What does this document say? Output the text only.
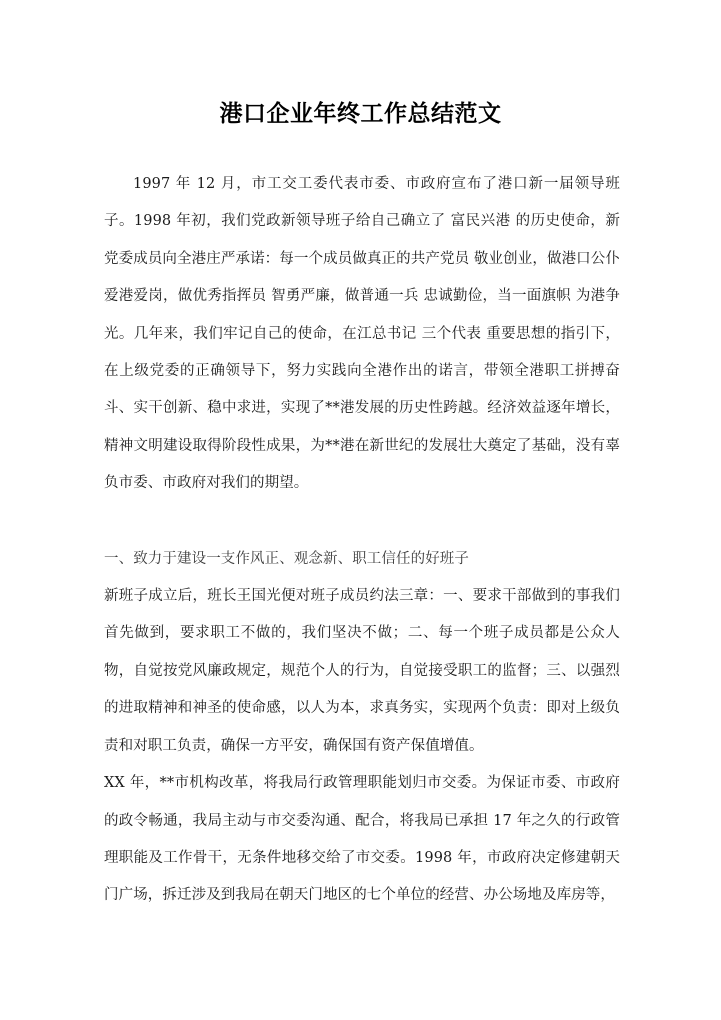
港口企业年终工作总结范文

1997 年 12 月，市工交工委代表市委、市政府宣布了港口新一届领导班子。1998 年初，我们党政新领导班子给自己确立了 富民兴港 的历史使命，新党委成员向全港庄严承诺：每一个成员做真正的共产党员 敬业创业，做港口公仆 爱港爱岗，做优秀指挥员 智勇严廉，做普通一兵 忠诚勤俭，当一面旗帜 为港争光。几年来，我们牢记自己的使命，在江总书记 三个代表 重要思想的指引下，在上级党委的正确领导下，努力实践向全港作出的诺言，带领全港职工拼搏奋斗、实干创新、稳中求进，实现了**港发展的历史性跨越。经济效益逐年增长，精神文明建设取得阶段性成果，为**港在新世纪的发展壮大奠定了基础，没有辜负市委、市政府对我们的期望。

一、致力于建设一支作风正、观念新、职工信任的好班子

新班子成立后，班长王国光便对班子成员约法三章：一、要求干部做到的事我们首先做到，要求职工不做的，我们坚决不做；二、每一个班子成员都是公众人物，自觉按党风廉政规定，规范个人的行为，自觉接受职工的监督；三、以强烈的进取精神和神圣的使命感，以人为本，求真务实，实现两个负责：即对上级负责和对职工负责，确保一方平安，确保国有资产保值增值。

XX 年，**市机构改革，将我局行政管理职能划归市交委。为保证市委、市政府的政令畅通，我局主动与市交委沟通、配合，将我局已承担 17 年之久的行政管理职能及工作骨干，无条件地移交给了市交委。1998 年，市政府决定修建朝天门广场，拆迁涉及到我局在朝天门地区的七个单位的经营、办公场地及库房等，
